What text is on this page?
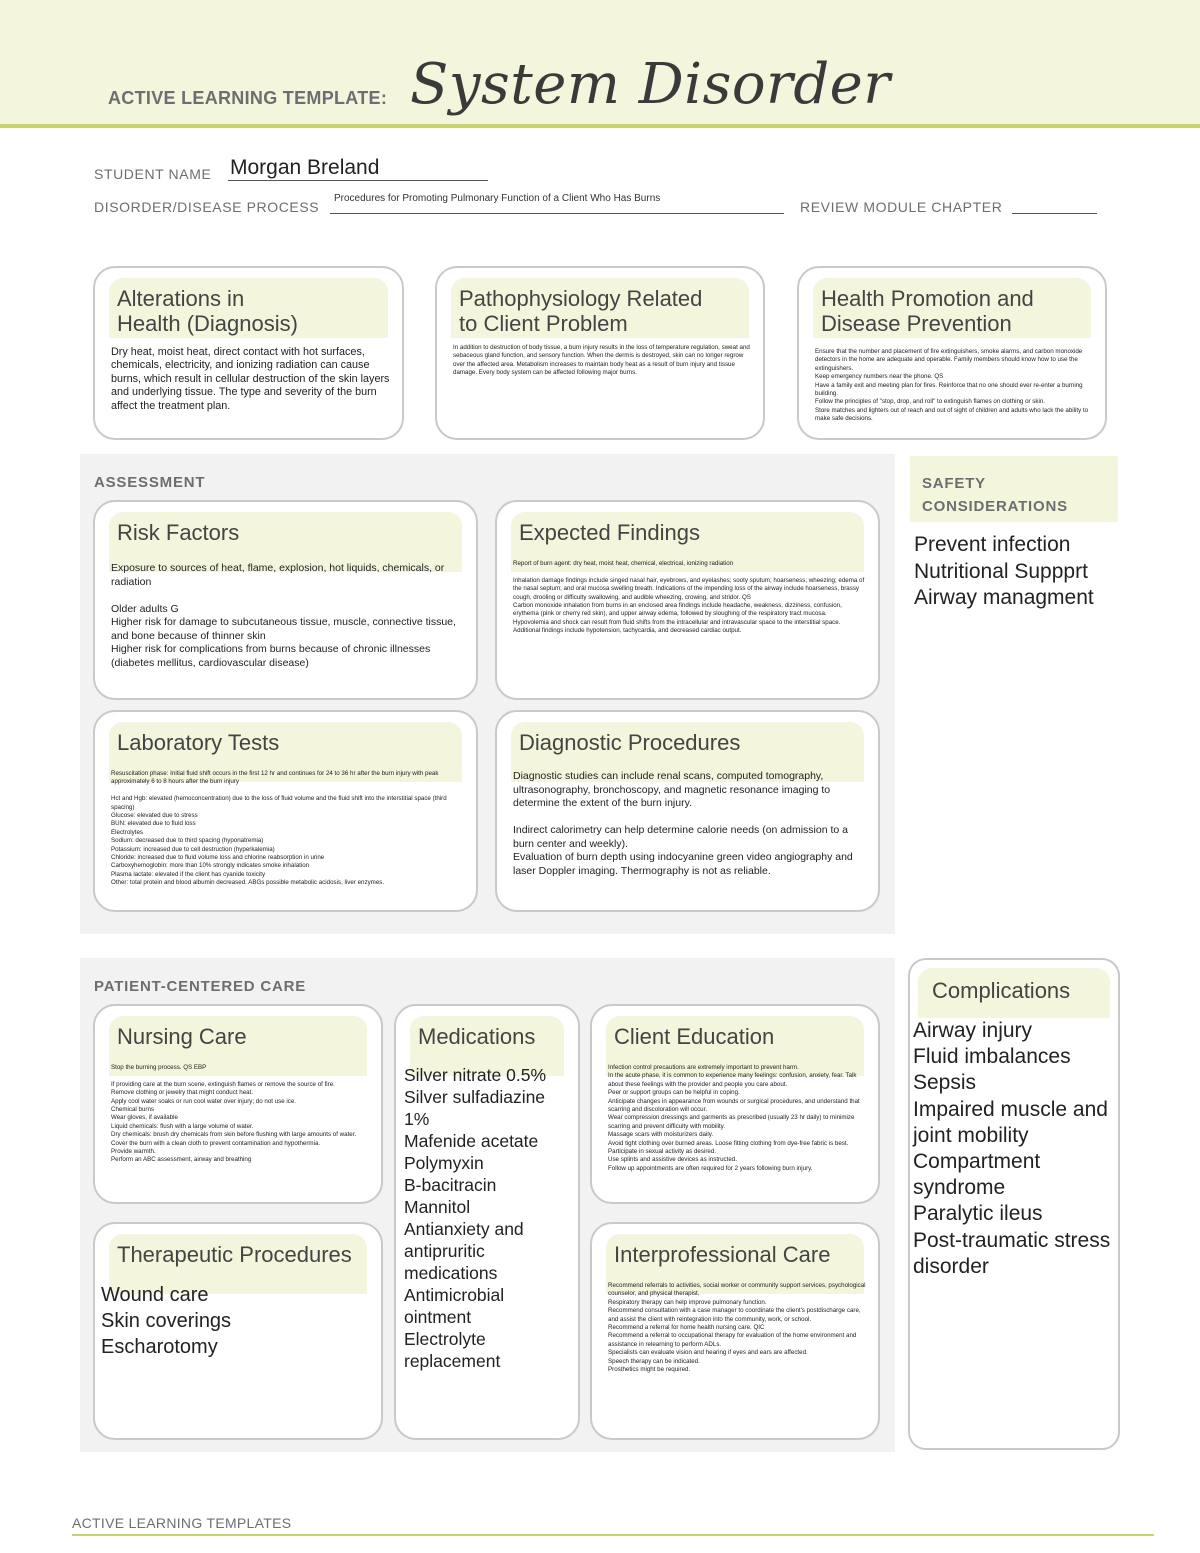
ACTIVE LEARNING TEMPLATE: System Disorder
STUDENT NAME Morgan Breland
DISORDER/DISEASE PROCESS
Procedures for Promoting Pulmonary Function of a Client Who Has Burns
REVIEW MODULE CHAPTER
Alterations in
Health (Diagnosis)
Dry heat, moist heat, direct contact with hot surfaces, chemicals, electricity, and ionizing radiation can cause burns, which result in cellular destruction of the skin layers and underlying tissue. The type and severity of the burn affect the treatment plan.
Pathophysiology Related
to Client Problem
In addition to destruction of body tissue, a burn injury results in the loss of temperature regulation, sweat and sebaceous gland function, and sensory function. When the dermis is destroyed, skin can no longer regrow over the affected area. Metabolism increases to maintain body heat as a result of burn injury and tissue damage. Every body system can be affected following major burns.
Health Promotion and
Disease Prevention
Ensure that the number and placement of fire extinguishers, smoke alarms, and carbon monoxide detectors in the home are adequate and operable. Family members should know how to use the extinguishers.
Keep emergency numbers near the phone. QS
Have a family exit and meeting plan for fires. Reinforce that no one should ever re-enter a burning building.
Follow the principles of "stop, drop, and roll" to extinguish flames on clothing or skin.
Store matches and lighters out of reach and out of sight of children and adults who lack the ability to make safe decisions.
ASSESSMENT
Risk Factors
Exposure to sources of heat, flame, explosion, hot liquids, chemicals, or radiation

Older adults G
Higher risk for damage to subcutaneous tissue, muscle, connective tissue, and bone because of thinner skin
Higher risk for complications from burns because of chronic illnesses (diabetes mellitus, cardiovascular disease)
Expected Findings
Report of burn agent: dry heat, moist heat, chemical, electrical, ionizing radiation

Inhalation damage findings include singed nasal hair, eyebrows, and eyelashes; sooty sputum; hoarseness; wheezing; edema of the nasal septum; and oral mucosa swelling breath. Indications of the impending loss of the airway include hoarseness, brassy cough, drooling or difficulty swallowing, and audible wheezing, crowing, and stridor. QS
Carbon monoxide inhalation from burns in an enclosed area findings include headache, weakness, dizziness, confusion, erythema (pink or cherry red skin), and upper airway edema, followed by sloughing of the respiratory tract mucosa.
Hypovolemia and shock can result from fluid shifts from the intracellular and intravascular space to the interstitial space. Additional findings include hypotension, tachycardia, and decreased cardiac output.
Laboratory Tests
Resuscitation phase: Initial fluid shift occurs in the first 12 hr and continues for 24 to 36 hr after the burn injury with peak approximately 6 to 8 hours after the burn injury

Hct and Hgb: elevated (hemoconcentration) due to the loss of fluid volume and the fluid shift into the interstitial space (third spacing)
Glucose: elevated due to stress
BUN: elevated due to fluid loss
Electrolytes
Sodium: decreased due to third spacing (hyponatremia)
Potassium: increased due to cell destruction (hyperkalemia)
Chloride: increased due to fluid volume loss and chlorine reabsorption in urine
Carboxyhemoglobin: more than 10% strongly indicates smoke inhalation
Plasma lactate: elevated if the client has cyanide toxicity
Other: total protein and blood albumin decreased. ABGs possible metabolic acidosis, liver enzymes.
Diagnostic Procedures
Diagnostic studies can include renal scans, computed tomography, ultrasonography, bronchoscopy, and magnetic resonance imaging to determine the extent of the burn injury.

Indirect calorimetry can help determine calorie needs (on admission to a burn center and weekly).
Evaluation of burn depth using indocyanine green video angiography and laser Doppler imaging. Thermography is not as reliable.
SAFETY
CONSIDERATIONS
Prevent infection
Nutritional Suppprt
Airway managment
PATIENT-CENTERED CARE
Nursing Care
Stop the burning process. QS EBP

If providing care at the burn scene, extinguish flames or remove the source of fire.
Remove clothing or jewelry that might conduct heat.
Apply cool water soaks or run cool water over injury; do not use ice.
Chemical burns
Wear gloves, if available
Liquid chemicals: flush with a large volume of water.
Dry chemicals: brush dry chemicals from skin before flushing with large amounts of water.
Cover the burn with a clean cloth to prevent contamination and hypothermia.
Provide warmth.
Perform an ABC assessment, airway and breathing
Medications
Silver nitrate 0.5%
Silver sulfadiazine 1%
Mafenide acetate
Polymyxin
B-bacitracin
Mannitol
Antianxiety and antipruritic medications
Antimicrobial ointment
Electrolyte replacement
Client Education
Infection control precautions are extremely important to prevent harm.
In the acute phase, it is common to experience many feelings: confusion, anxiety, fear. Talk about these feelings with the provider and people you care about.
Peer or support groups can be helpful in coping.
Anticipate changes in appearance from wounds or surgical procedures, and understand that scarring and discoloration will occur.
Wear compression dressings and garments as prescribed (usually 23 hr daily) to minimize scarring and prevent difficulty with mobility.
Massage scars with moisturizers daily.
Avoid tight clothing over burned areas. Loose fitting clothing from dye-free fabric is best.
Participate in sexual activity as desired.
Use splints and assistive devices as instructed.
Follow up appointments are often required for 2 years following burn injury.
Therapeutic Procedures
Wound care
Skin coverings
Escharotomy
Interprofessional Care
Recommend referrals to activities, social worker or community support services, psychological counselor, and physical therapist.
Respiratory therapy can help improve pulmonary function.
Recommend consultation with a case manager to coordinate the client's postdischarge care, and assist the client with reintegration into the community, work, or school.
Recommend a referral for home health nursing care. QIC
Recommend a referral to occupational therapy for evaluation of the home environment and assistance in relearning to perform ADLs.
Specialists can evaluate vision and hearing if eyes and ears are affected.
Speech therapy can be indicated.
Prosthetics might be required.
Complications
Airway injury
Fluid imbalances
Sepsis
Impaired muscle and joint mobility
Compartment syndrome
Paralytic ileus
Post-traumatic stress disorder
ACTIVE LEARNING TEMPLATES
